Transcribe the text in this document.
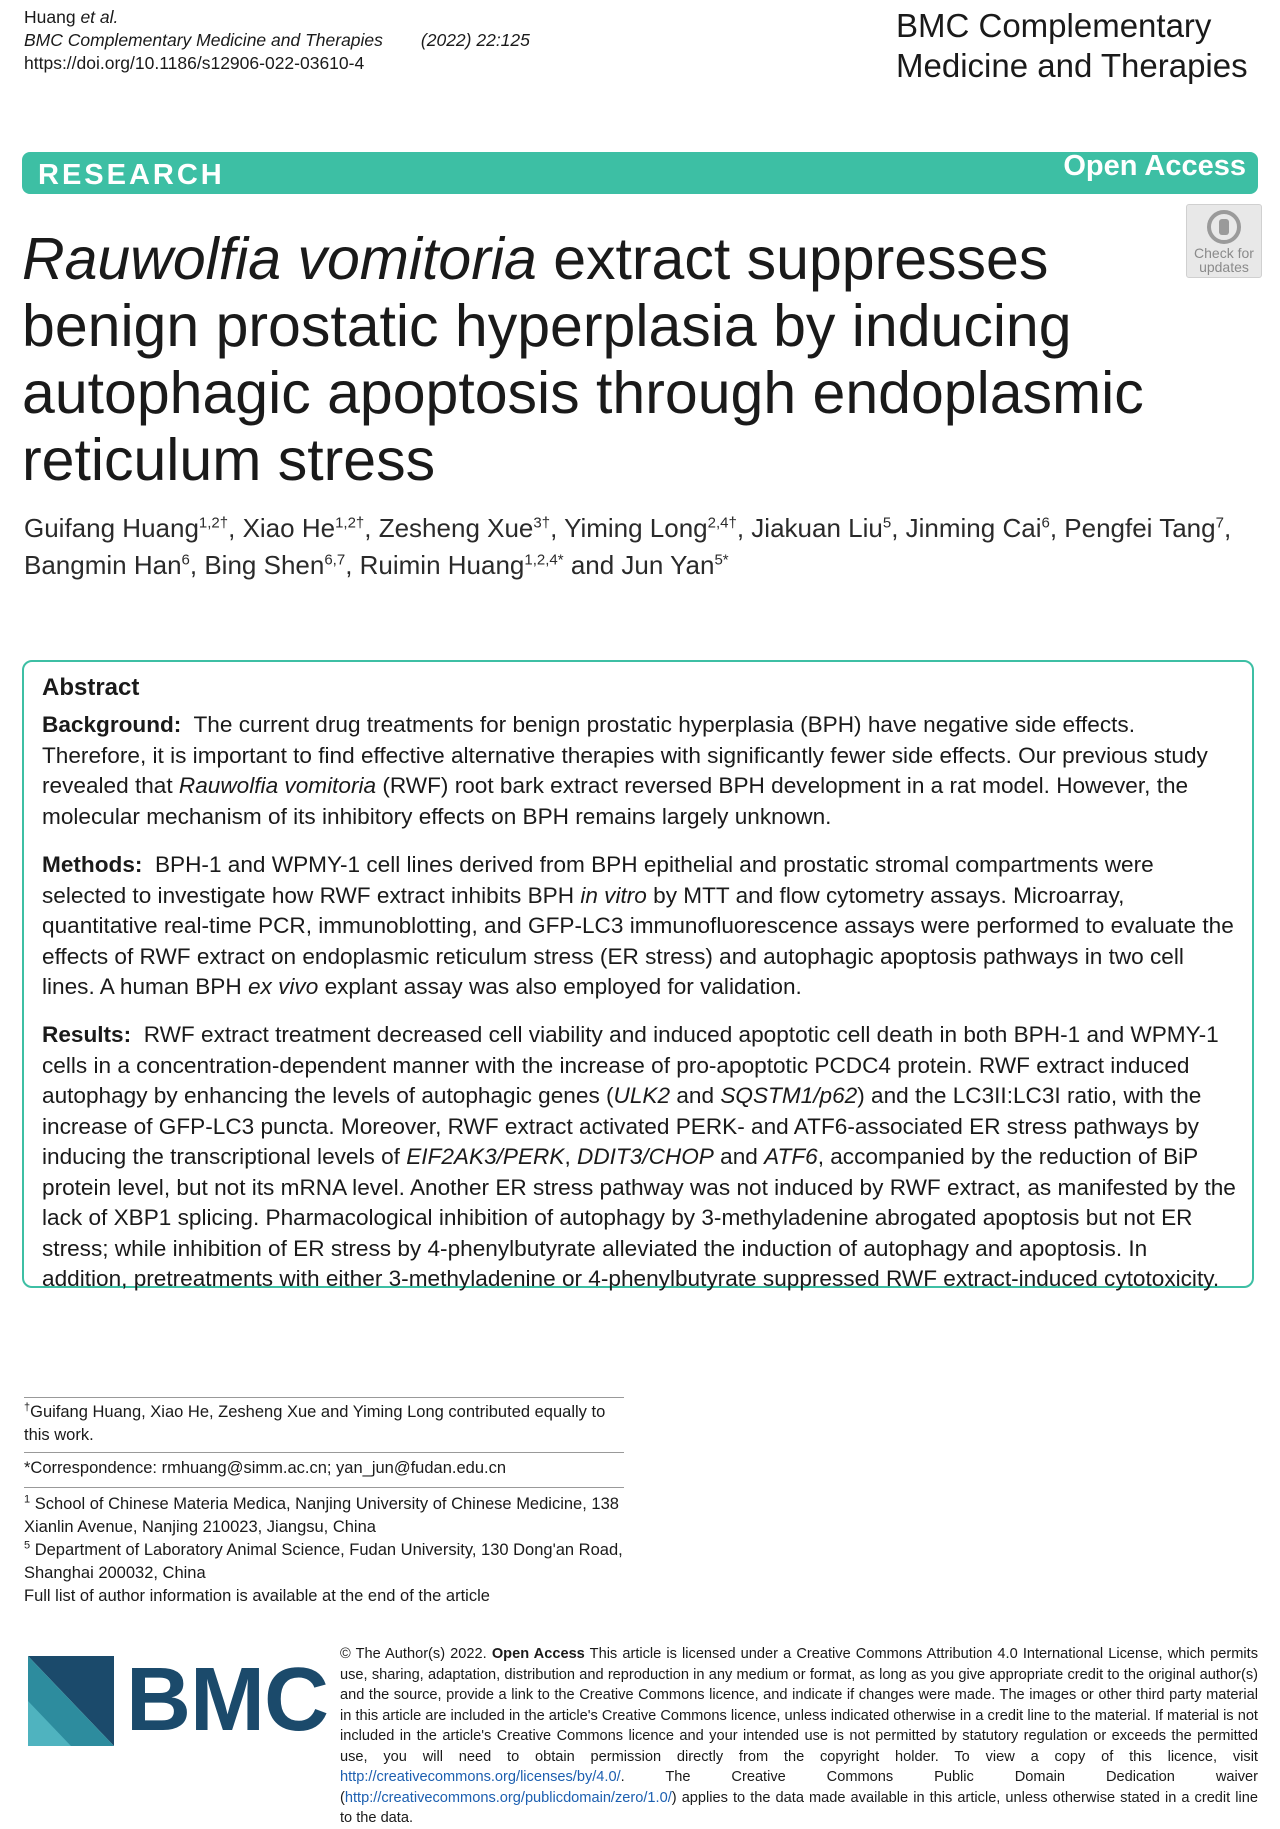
Huang et al.
BMC Complementary Medicine and Therapies (2022) 22:125
https://doi.org/10.1186/s12906-022-03610-4
BMC Complementary
Medicine and Therapies
RESEARCH	Open Access
Check for
updates
Rauwolfia vomitoria extract suppresses benign prostatic hyperplasia by inducing autophagic apoptosis through endoplasmic reticulum stress
Guifang Huang$^{1,2\dagger}$, Xiao $He^{1,2\dagger}$, Zesheng Xue$^{3\dagger}$, Yiming Long$^{2,4\dagger}$, Jiakuan Liu$^5$, Jinming Cai$^6$, Pengfei Tang$^7$, Bangmin Han$^6$, Bing Shen$^{6,7}$, Ruimin Huang$^{1,2,4*}$ and Jun Yan$^{5*}$
Abstract
Background: The current drug treatments for benign prostatic hyperplasia (BPH) have negative side effects. Therefore, it is important to find effective alternative therapies with significantly fewer side effects. Our previous study revealed that Rauwolfia vomitoria (RWF) root bark extract reversed BPH development in a rat model. However, the molecular mechanism of its inhibitory effects on BPH remains largely unknown.
Methods: BPH-1 and WPMY-1 cell lines derived from BPH epithelial and prostatic stromal compartments were selected to investigate how RWF extract inhibits BPH in vitro by MTT and flow cytometry assays. Microarray, quantitative real-time PCR, immunoblotting, and GFP-LC3 immunofluorescence assays were performed to evaluate the effects of RWF extract on endoplasmic reticulum stress (ER stress) and autophagic apoptosis pathways in two cell lines. A human BPH ex vivo explant assay was also employed for validation.
Results: RWF extract treatment decreased cell viability and induced apoptotic cell death in both BPH-1 and WPMY-1 cells in a concentration-dependent manner with the increase of pro-apoptotic PCDC4 protein. RWF extract induced autophagy by enhancing the levels of autophagic genes (ULK2 and SQSTM1/p62) and the LC3II:LC3I ratio, with the increase of GFP-LC3 puncta. Moreover, RWF extract activated PERK- and ATF6-associated ER stress pathways by inducing the transcriptional levels of EIF2AK3/PERK, DDIT3/CHOP and ATF6, accompanied by the reduction of BiP protein level, but not its mRNA level. Another ER stress pathway was not induced by RWF extract, as manifested by the lack of XBP1 splicing. Pharmacological inhibition of autophagy by 3-methyladenine abrogated apoptosis but not ER stress; while inhibition of ER stress by 4-phenylbutyrate alleviated the induction of autophagy and apoptosis. In addition, pretreatments with either 3-methyladenine or 4-phenylbutyrate suppressed RWF extract-induced cytotoxicity.
†Guifang Huang, Xiao He, Zesheng Xue and Yiming Long contributed equally to this work.
*Correspondence: rmhuang@simm.ac.cn; yan_jun@fudan.edu.cn
$^1$ School of Chinese Materia Medica, Nanjing University of Chinese Medicine, 138 Xianlin Avenue, Nanjing 210023, Jiangsu, China
$^5$ Department of Laboratory Animal Science, Fudan University, 130 Dong'an Road, Shanghai 200032, China
Full list of author information is available at the end of the article
BMC © The Author(s) 2022. Open Access This article is licensed under a Creative Commons Attribution 4.0 International License, which permits use, sharing, adaptation, distribution and reproduction in any medium or format, as long as you give appropriate credit to the original author(s) and the source, provide a link to the Creative Commons licence, and indicate if changes were made. The images or other third party material in this article are included in the article's Creative Commons licence, unless indicated otherwise in a credit line to the material. If material is not included in the article's Creative Commons licence and your intended use is not permitted by statutory regulation or exceeds the permitted use, you will need to obtain permission directly from the copyright holder. To view a copy of this licence, visit http://creativecommons.org/licenses/by/4.0/. The Creative Commons Public Domain Dedication waiver (http://creativecommons.org/publicdomain/zero/1.0/) applies to the data made available in this article, unless otherwise stated in a credit line to the data.
